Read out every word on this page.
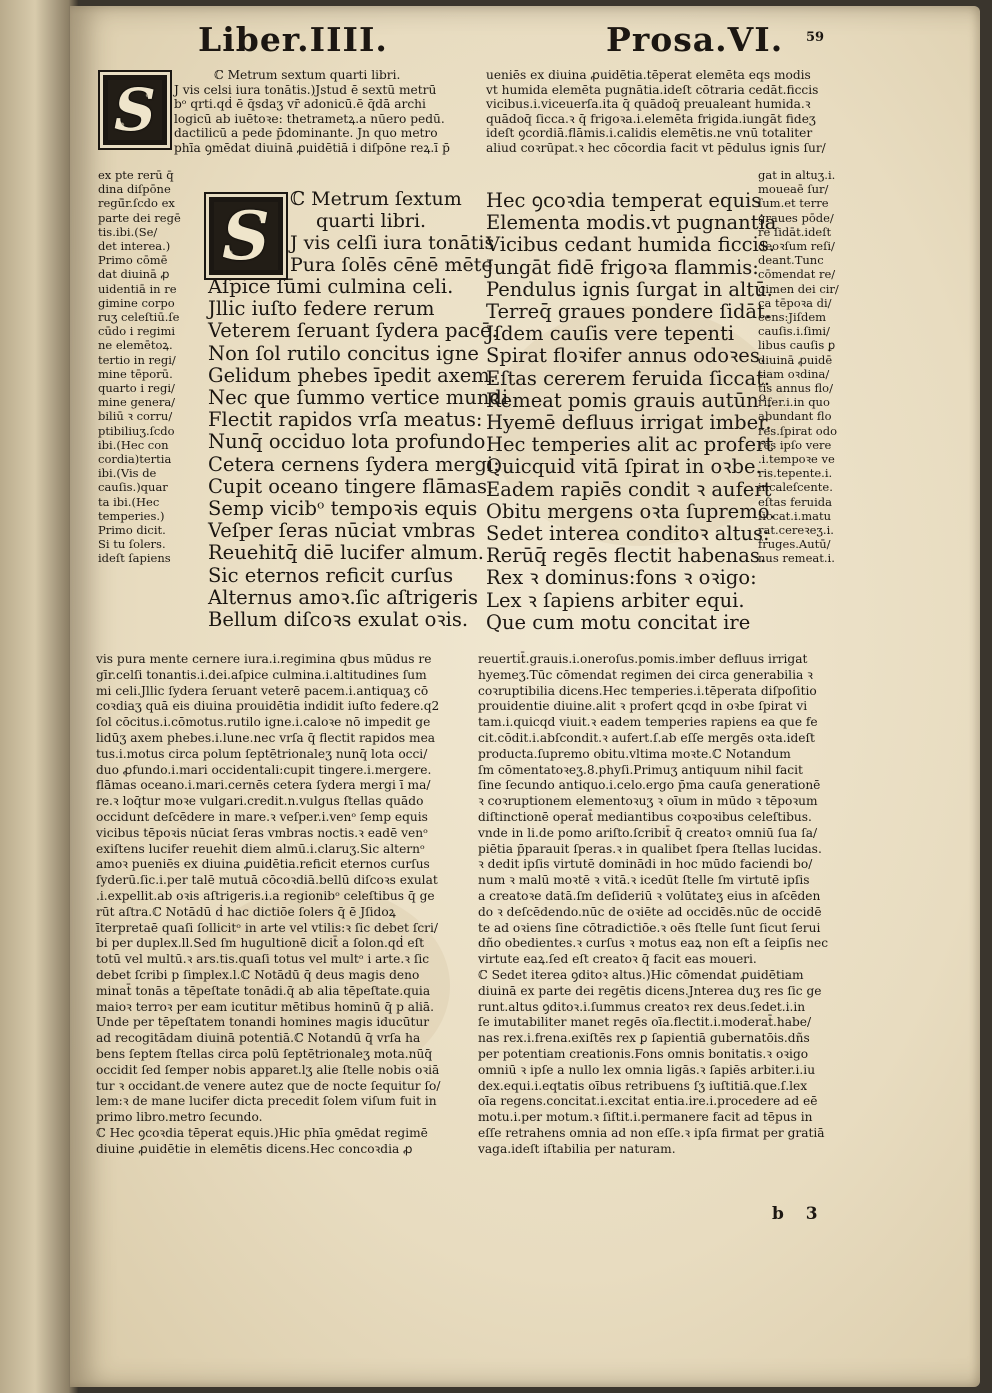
Liber.IIII.	Prosa.VI. 59
S
ℂ Metrum sextum quarti libri.
J vis celsi iura tonātis.)Jstud ē sextū metrū
bᵒ qrti.qḋ ē q̄sdaʒ vr̄ adonicū.ē q̄dā archi
logicū ab iuētoꝛe: thetrametꝝ.a nūero pedū.
dactilicū a pede p̄dominante. Jn quo metro
phīa ꝯmēdat diuinā ꝓuidētiā i diſpōne reꝝ.ī p̄
ex pte rerū q̄
dina diſpōne
regū̄r.ſcdo ex
parte dei regē
tis.ibi.(Se/
det interea.)
Primo cōmē
dat diuinā ꝓ
uidentiā in re
gimine corpo
ruʒ celeſtiū.ſe
cūdo i regimi
ne elemētoꝝ.
tertio in regi/
mine tēporū.
quarto i regi/
mine genera/
biliū ꝛ corru/
ptibiliuʒ.ſcdo
ibi.(Hec con
cordia)tertia
ibi.(Vis de
cauſis.)quar
ta ibi.(Hec
temperies.)
Primo dicit.
Si tu ſolers.
ideſt ſapiens
S	ℂ Metrum ſextum
quarti libri.
J vis celſi iura tonātis
Pura ſolēs cēnē mēte
Aſpice ſūmi culmina celi.
Jllic iuſto federe rerum
Veterem ſeruant ſydera pacē.
Non ſol rutilo concitus igne
Gelidum phebes īpedit axem.
Nec que ſummo vertice mundi
Flectit rapidos vrſa meatus:
Nunq̄ occiduo lota profundo
Cetera cernens ſydera mergi:
Cupit oceano tingere flāmas.
Semp vicibᵒ tempoꝛis equis
Veſper ſeras nūciat vmbras
Reuehitq̄ diē lucifer almum.
Sic eternos reficit curſus
Alternus amoꝛ.ſic aſtrigeris
Bellum diſcoꝛs exulat oꝛis.
ueniēs ex diuina ꝓuidētia.tēperat elemēta eqs modis
vt humida elemēta pugnātia.ideſt cōtraria cedāt.ficcis
vicibus.i.viceuerſa.ita q̄ quādoq̄ preualeant humida.ꝛ
quādoq̄ ſicca.ꝛ q̄ frigoꝛa.i.elemēta frigida.iungāt fideʒ
ideſt ꝯcordiā.flāmis.i.calidis elemētis.ne vnū totaliter
aliud coꝛrūpat.ꝛ hec cōcordia facit vt pēdulus ignis ſur/
Hec ꝯcoꝛdia temperat equis
Elementa modis.vt pugnantia
Vicibus cedant humida ficcis.
Jungāt fidē frigoꝛa flammis:
Pendulus ignis ſurgat in altū.
Terreq̄ graues pondere ſidāt.
Jſdem cauſis vere tepenti
Spirat floꝛifer annus odoꝛes.
Eſtas cererem feruida ſiccat.
Remeat pomis grauis autūnᵒ.
Hyemē defluus irrigat imber.
Hec temperies alit ac profert
Quicquid vitā ſpirat in oꝛbe.
Eadem rapiēs condit ꝛ aufert
Obitu mergens oꝛta ſupremo.
Sedet interea conditoꝛ altus:
Rerūq̄ regēs flectit habenas.
Rex ꝛ dominus:fons ꝛ oꝛigo:
Lex ꝛ ſapiens arbiter equi.
Que cum motu concitat ire
gat in altuʒ.i.
moueaē ſur/
ſum.et terre
graues pōde/
re ſidāt.ideſt
deoꝛſum reſi/
deant.Tunc
cōmendat re/
gimen dei cir/
ca tēpoꝛa di/
cens:Jiſdem
cauſis.i.ſimi/
libus cauſis ꝑ
diuinā ꝓuidē
tiam oꝛdina/
tis annus flo/
rifer.i.in quo
abundant flo
res.ſpirat odo
res ipſo vere
.i.tempoꝛe ve
ris.tepente.i.
incaleſcente.
eſtas feruida
ſiccat.i.matu
rat.cereꝛeʒ.i.
fruges.Autū/
nus remeat.i.
vis pura mente cernere iura.i.regimina qbus mūdus re
gīr.celſi tonantis.i.dei.aſpice culmina.i.altitudines ſum
mi celi.Jllic ſydera ſeruant veterē pacem.i.antiquaʒ cō
coꝛdiaʒ quā eis diuina prouidētia indidit iuſto federe.q2
ſol cōcitus.i.cōmotus.rutilo igne.i.caloꝛe nō impedit ge
lidūʒ axem phebes.i.lune.nec vrſa q̄ flectit rapidos mea
tus.i.motus circa polum ſeptētrionaleʒ nunq̄ lota occi/
duo ꝓfundo.i.mari occidentali:cupit tingere.i.mergere.
flāmas oceano.i.mari.cernēs cetera ſydera mergi ī ma/
re.ꝛ loq̄tur moꝛe vulgari.credit.n.vulgus ſtellas quādo
occidunt deſcēdere in mare.ꝛ veſper.i.venᵒ ſemp equis
vicibus tēpoꝛis nūciat ſeras vmbras noctis.ꝛ eadē venᵒ
exiſtens lucifer reuehit diem almū.i.claruʒ.Sic alternᵒ
amoꝛ pueniēs ex diuina ꝓuidētia.reficit eternos curſus
ſyderū.ſic.i.per talē mutuā cōcoꝛdiā.bellū diſcoꝛs exulat
.i.expellit.ab oꝛis aſtrigeris.i.a regionibᵒ celeſtibus q̄ ge
rūt aſtra.ℂ Notādū ḋ hac dictiōe ſolers q̄ ē Jſidoꝝ
īterpretaē quaſi ſollicitᵒ in arte vel vtilis:ꝛ ſic debet ſcri/
bi per duplex.ll.Sed ſm hugultionē dicit̄ a ſolon.qḋ eſt
totū vel multū.ꝛ ars.tis.quaſi totus vel multᵒ i arte.ꝛ ſic
debet ſcribi p ſimplex.l.ℂ Notādū q̄ deus magis deno
minat̄ tonās a tēpeſtate tonādi.q̄ ab alia tēpeſtate.quia
maioꝛ terroꝛ per eam icutitur mētibus hominū q̄ p aliā.
Unde per tēpeſtatem tonandi homines magis iducūtur
ad recogitādam diuinā potentiā.ℂ Notandū q̄ vrſa ha
bens ſeptem ſtellas circa polū ſeptētrionaleʒ mota.nūq̄
occidit ſed ſemper nobis apparet.lʒ alie ſtelle nobis oꝛiā
tur ꝛ occidant.de venere autez que de nocte ſequitur ſo/
lem:ꝛ de mane lucifer dicta precedit ſolem viſum fuit in
primo libro.metro ſecundo.
ℂ Hec ꝯcoꝛdia tēperat equis.)Hic phīa ꝯmēdat regimē
diuine ꝓuidētie in elemētis dicens.Hec concoꝛdia ꝓ
reuertit̄.grauis.i.oneroſus.pomis.imber defluus irrigat
hyemeʒ.Tūc cōmendat regimen dei circa generabilia ꝛ
coꝛruptibilia dicens.Hec temperies.i.tēperata diſpoſitio
prouidentie diuine.alit ꝛ profert qcqd in oꝛbe ſpirat vi
tam.i.quicqd viuit.ꝛ eadem temperies rapiens ea que fe
cit.cōdit.i.abſcondit.ꝛ aufert.ſ.ab eſſe mergēs oꝛta.ideſt
producta.ſupremo obitu.vltima moꝛte.ℂ Notandum
ſm cōmentatoꝛeʒ.8.phyſi.Primuʒ antiquum nihil facit
ſine ſecundo antiquo.i.celo.ergo p̄ma cauſa generationē
ꝛ coꝛruptionem elementoꝛuʒ ꝛ oīum in mūdo ꝛ tēpoꝛum
diſtinctionē operat̄ mediantibus coꝛpoꝛibus celeſtibus.
vnde in li.de pomo ariſto.ſcribit̄ q̄ creatoꝛ omniū ſua ſa/
piētia p̄parauit ſperas.ꝛ in qualibet ſpera ſtellas lucidas.
ꝛ dedit ipſis virtutē dominādi in hoc mūdo faciendi bo/
num ꝛ malū moꝛtē ꝛ vitā.ꝛ icedūt ſtelle ſm virtutē ipſis
a creatoꝛe datā.ſm deſideriū ꝛ volūtateʒ eius in aſcēden
do ꝛ deſcēdendo.nūc de oꝛiēte ad occidēs.nūc de occidē
te ad oꝛiens ſine cōtradictiōe.ꝛ oēs ſtelle ſunt ſicut ſerui
dño obedientes.ꝛ curſus ꝛ motus eaꝝ non eſt a ſeipſis nec
virtute eaꝝ.ſed eſt creatoꝛ q̄ facit eas moueri.
ℂ Sedet iterea ꝯditoꝛ altus.)Hic cōmendat ꝓuidētiam
diuinā ex parte dei regētis dicens.Jnterea duʒ res ſic ge
runt.altus ꝯditoꝛ.i.ſummus creatoꝛ rex deus.ſedet.i.in
ſe imutabiliter manet regēs oīa.flectit.i.moderat̄.habe/
nas rex.i.frena.exiſtēs rex ꝑ ſapientiā gubernatōis.dñs
per potentiam creationis.Fons omnis bonitatis.ꝛ oꝛigo
omniū ꝛ ipſe a nullo lex omnia ligās.ꝛ ſapiēs arbiter.i.iu
dex.equi.i.eqtatis oībus retribuens ſʒ iuſtitiā.que.ſ.lex
oīa regens.concitat.i.excitat entia.ire.i.procedere ad eē
motu.i.per motum.ꝛ ſiſtit.i.permanere facit ad tēpus in
eſſe retrahens omnia ad non eſſe.ꝛ ipſa firmat per gratiā
vaga.ideſt iſtabilia per naturam.
b 3
